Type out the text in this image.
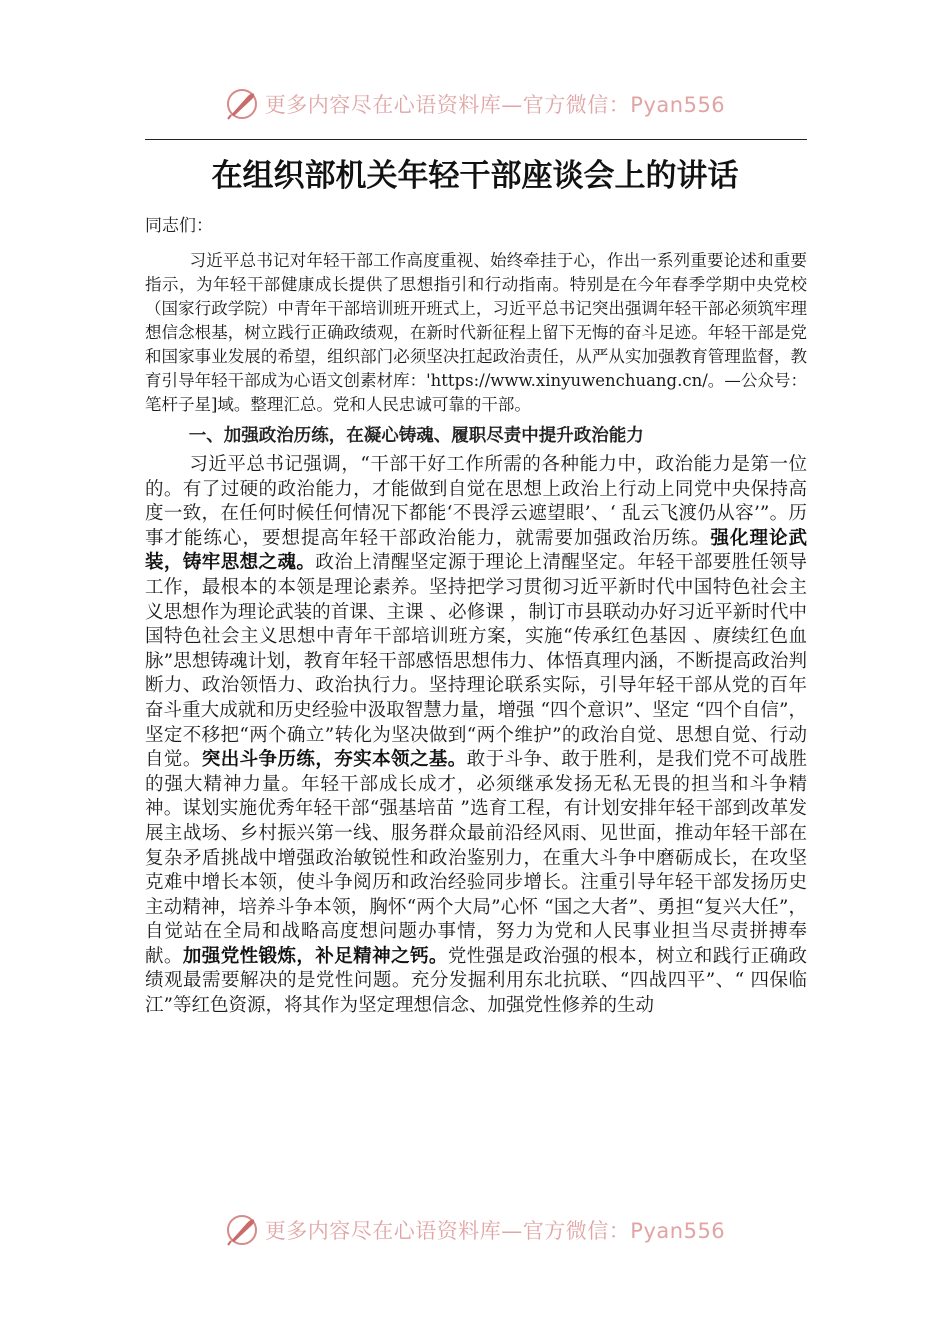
更多内容尽在心语资料库—官方微信：Pyan556
在组织部机关年轻干部座谈会上的讲话

同志们：

习近平总书记对年轻干部工作高度重视、始终牵挂于心，作出一系列重要论述和重要指示，为年轻干部健康成长提供了思想指引和行动指南。特别是在今年春季学期中央党校（国家行政学院）中青年干部培训班开班式上，习近平总书记突出强调年轻干部必须筑牢理想信念根基，树立践行正确政绩观，在新时代新征程上留下无悔的奋斗足迹。年轻干部是党和国家事业发展的希望，组织部门必须坚决扛起政治责任，从严从实加强教育管理监督，教育引导年轻干部成为心语文创素材库：'https://www.xinyuwenchuang.cn/。—公众号：笔杆子星]域。整理汇总。党和人民忠诚可靠的干部。

一、加强政治历练，在凝心铸魂、履职尽责中提升政治能力

习近平总书记强调，“干部干好工作所需的各种能力中，政治能力是第一位的。有了过硬的政治能力，才能做到自觉在思想上政治上行动上同党中央保持高度一致，在任何时候任何情况下都能‘不畏浮云遮望眼’、‘ 乱云飞渡仍从容’”。历事才能练心，要想提高年轻干部政治能力，就需要加强政治历练。强化理论武装，铸牢思想之魂。政治上清醒坚定源于理论上清醒坚定。年轻干部要胜任领导工作，最根本的本领是理论素养。坚持把学习贯彻习近平新时代中国特色社会主义思想作为理论武装的首课、主课 、必修课 ，制订市县联动办好习近平新时代中国特色社会主义思想中青年干部培训班方案，实施“传承红色基因 、赓续红色血脉”思想铸魂计划，教育年轻干部感悟思想伟力、体悟真理内涵，不断提高政治判断力、政治领悟力、政治执行力。坚持理论联系实际，引导年轻干部从党的百年奋斗重大成就和历史经验中汲取智慧力量，增强 “四个意识”、坚定 “四个自信”，坚定不移把“两个确立”转化为坚决做到“两个维护”的政治自觉、思想自觉、行动自觉。突出斗争历练，夯实本领之基。敢于斗争、敢于胜利，是我们党不可战胜的强大精神力量。年轻干部成长成才，必须继承发扬无私无畏的担当和斗争精神。谋划实施优秀年轻干部“强基培苗 ”选育工程，有计划安排年轻干部到改革发展主战场、乡村振兴第一线、服务群众最前沿经风雨、见世面，推动年轻干部在复杂矛盾挑战中增强政治敏锐性和政治鉴别力，在重大斗争中磨砺成长，在攻坚克难中增长本领，使斗争阅历和政治经验同步增长。注重引导年轻干部发扬历史主动精神，培养斗争本领，胸怀“两个大局”心怀 “国之大者”、勇担“复兴大任”，自觉站在全局和战略高度想问题办事情，努力为党和人民事业担当尽责拼搏奉献。加强党性锻炼，补足精神之钙。党性强是政治强的根本，树立和践行正确政绩观最需要解决的是党性问题。充分发掘利用东北抗联、“四战四平”、“ 四保临江”等红色资源，将其作为坚定理想信念、加强党性修养的生动

更多内容尽在心语资料库—官方微信：Pyan556
